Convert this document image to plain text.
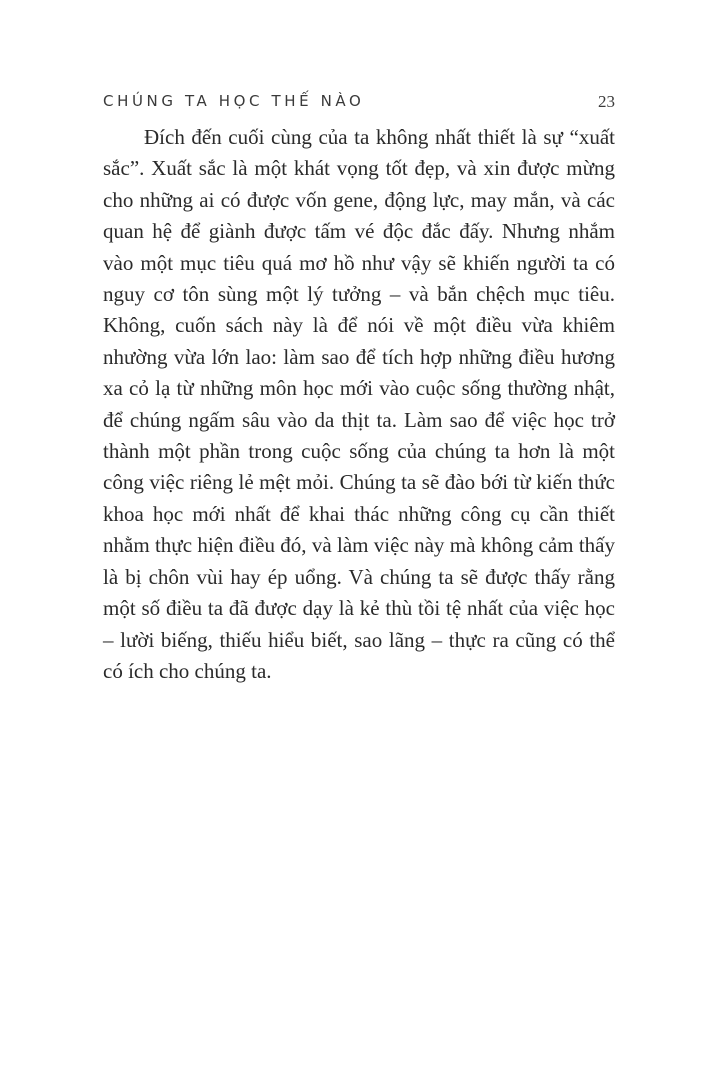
CHÚNG TA HỌC THẾ NÀO	23

Đích đến cuối cùng của ta không nhất thiết là sự “xuất sắc”. Xuất sắc là một khát vọng tốt đẹp, và xin được mừng cho những ai có được vốn gene, động lực, may mắn, và các quan hệ để giành được tấm vé độc đắc đấy. Nhưng nhắm vào một mục tiêu quá mơ hồ như vậy sẽ khiến người ta có nguy cơ tôn sùng một lý tưởng – và bắn chệch mục tiêu. Không, cuốn sách này là để nói về một điều vừa khiêm nhường vừa lớn lao: làm sao để tích hợp những điều hương xa cỏ lạ từ những môn học mới vào cuộc sống thường nhật, để chúng ngấm sâu vào da thịt ta. Làm sao để việc học trở thành một phần trong cuộc sống của chúng ta hơn là một công việc riêng lẻ mệt mỏi. Chúng ta sẽ đào bới từ kiến thức khoa học mới nhất để khai thác những công cụ cần thiết nhằm thực hiện điều đó, và làm việc này mà không cảm thấy là bị chôn vùi hay ép uổng. Và chúng ta sẽ được thấy rằng một số điều ta đã được dạy là kẻ thù tồi tệ nhất của việc học – lười biếng, thiếu hiểu biết, sao lãng – thực ra cũng có thể có ích cho chúng ta.
